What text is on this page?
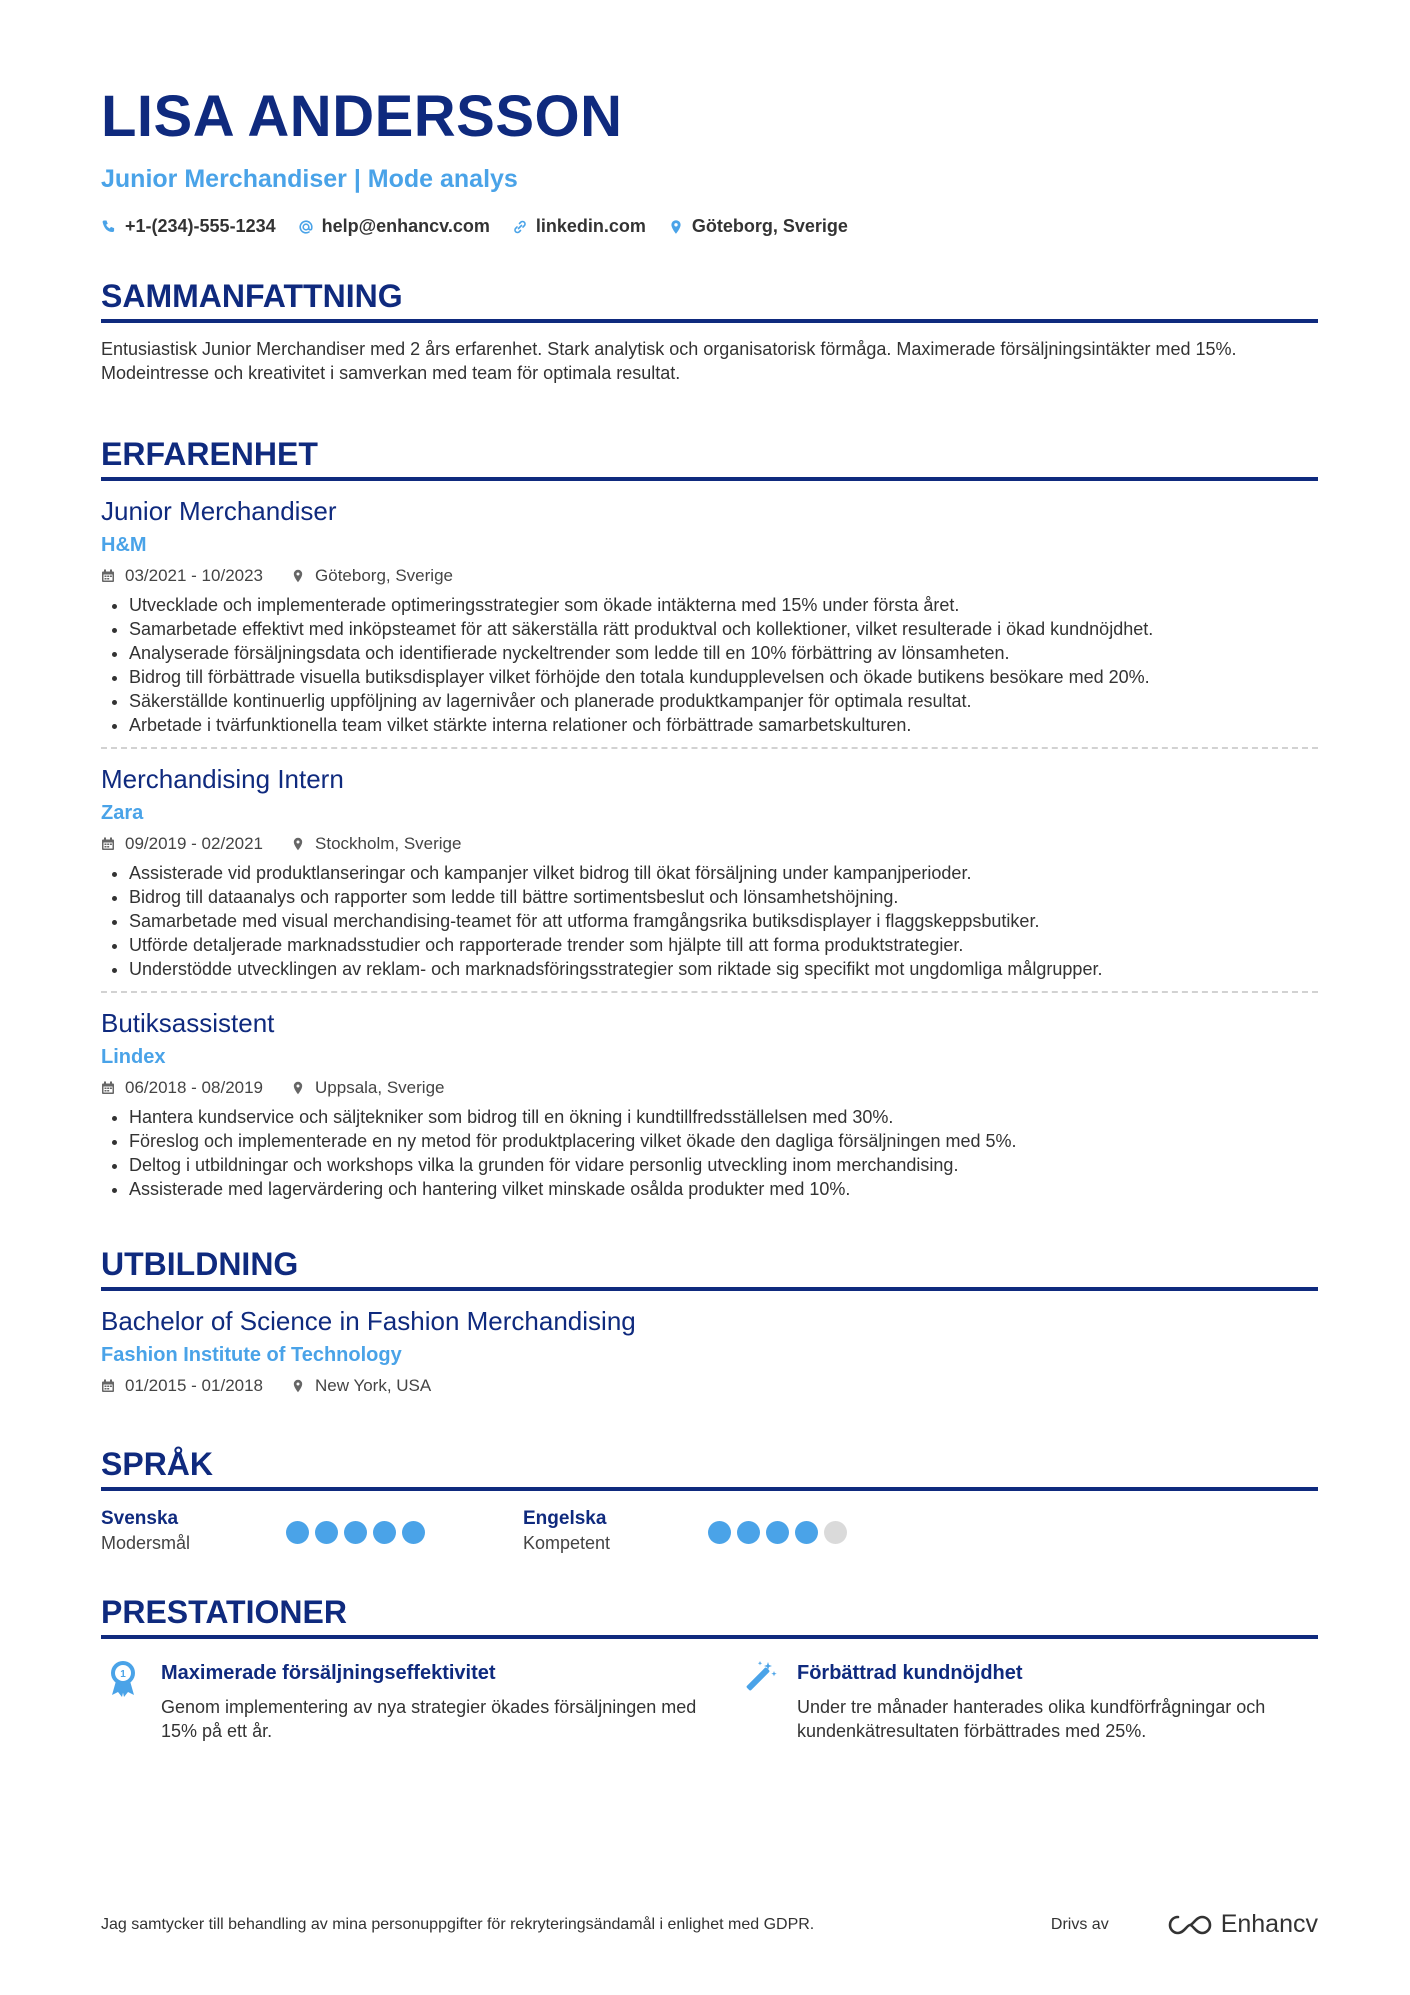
LISA ANDERSSON
Junior Merchandiser | Mode analys
+1-(234)-555-1234	help@enhancv.com	linkedin.com	Göteborg, Sverige
SAMMANFATTNING
Entusiastisk Junior Merchandiser med 2 års erfarenhet. Stark analytisk och organisatorisk förmåga. Maximerade försäljningsintäkter med 15%. Modeintresse och kreativitet i samverkan med team för optimala resultat.
ERFARENHET
Junior Merchandiser
H&M
03/2021 - 10/2023	Göteborg, Sverige
• Utvecklade och implementerade optimeringsstrategier som ökade intäkterna med 15% under första året.
• Samarbetade effektivt med inköpsteamet för att säkerställa rätt produktval och kollektioner, vilket resulterade i ökad kundnöjdhet.
• Analyserade försäljningsdata och identifierade nyckeltrender som ledde till en 10% förbättring av lönsamheten.
• Bidrog till förbättrade visuella butiksdisplayer vilket förhöjde den totala kundupplevelsen och ökade butikens besökare med 20%.
• Säkerställde kontinuerlig uppföljning av lagernivåer och planerade produktkampanjer för optimala resultat.
• Arbetade i tvärfunktionella team vilket stärkte interna relationer och förbättrade samarbetskulturen.
Merchandising Intern
Zara
09/2019 - 02/2021	Stockholm, Sverige
• Assisterade vid produktlanseringar och kampanjer vilket bidrog till ökat försäljning under kampanjperioder.
• Bidrog till dataanalys och rapporter som ledde till bättre sortimentsbeslut och lönsamhetshöjning.
• Samarbetade med visual merchandising-teamet för att utforma framgångsrika butiksdisplayer i flaggskeppsbutiker.
• Utförde detaljerade marknadsstudier och rapporterade trender som hjälpte till att forma produktstrategier.
• Understödde utvecklingen av reklam- och marknadsföringsstrategier som riktade sig specifikt mot ungdomliga målgrupper.
Butiksassistent
Lindex
06/2018 - 08/2019	Uppsala, Sverige
• Hantera kundservice och säljtekniker som bidrog till en ökning i kundtillfredsställelsen med 30%.
• Föreslog och implementerade en ny metod för produktplacering vilket ökade den dagliga försäljningen med 5%.
• Deltog i utbildningar och workshops vilka la grunden för vidare personlig utveckling inom merchandising.
• Assisterade med lagervärdering och hantering vilket minskade osålda produkter med 10%.
UTBILDNING
Bachelor of Science in Fashion Merchandising
Fashion Institute of Technology
01/2015 - 01/2018	New York, USA
SPRÅK
Svenska
Modersmål
Engelska
Kompetent
PRESTATIONER
1 Maximerade försäljningseffektivitet
Genom implementering av nya strategier ökades försäljningen med 15% på ett år.
Förbättrad kundnöjdhet
Under tre månader hanterades olika kundförfrågningar och kundenkätresultaten förbättrades med 25%.
Jag samtycker till behandling av mina personuppgifter för rekryteringsändamål i enlighet med GDPR.	Drivs av	Enhancv
